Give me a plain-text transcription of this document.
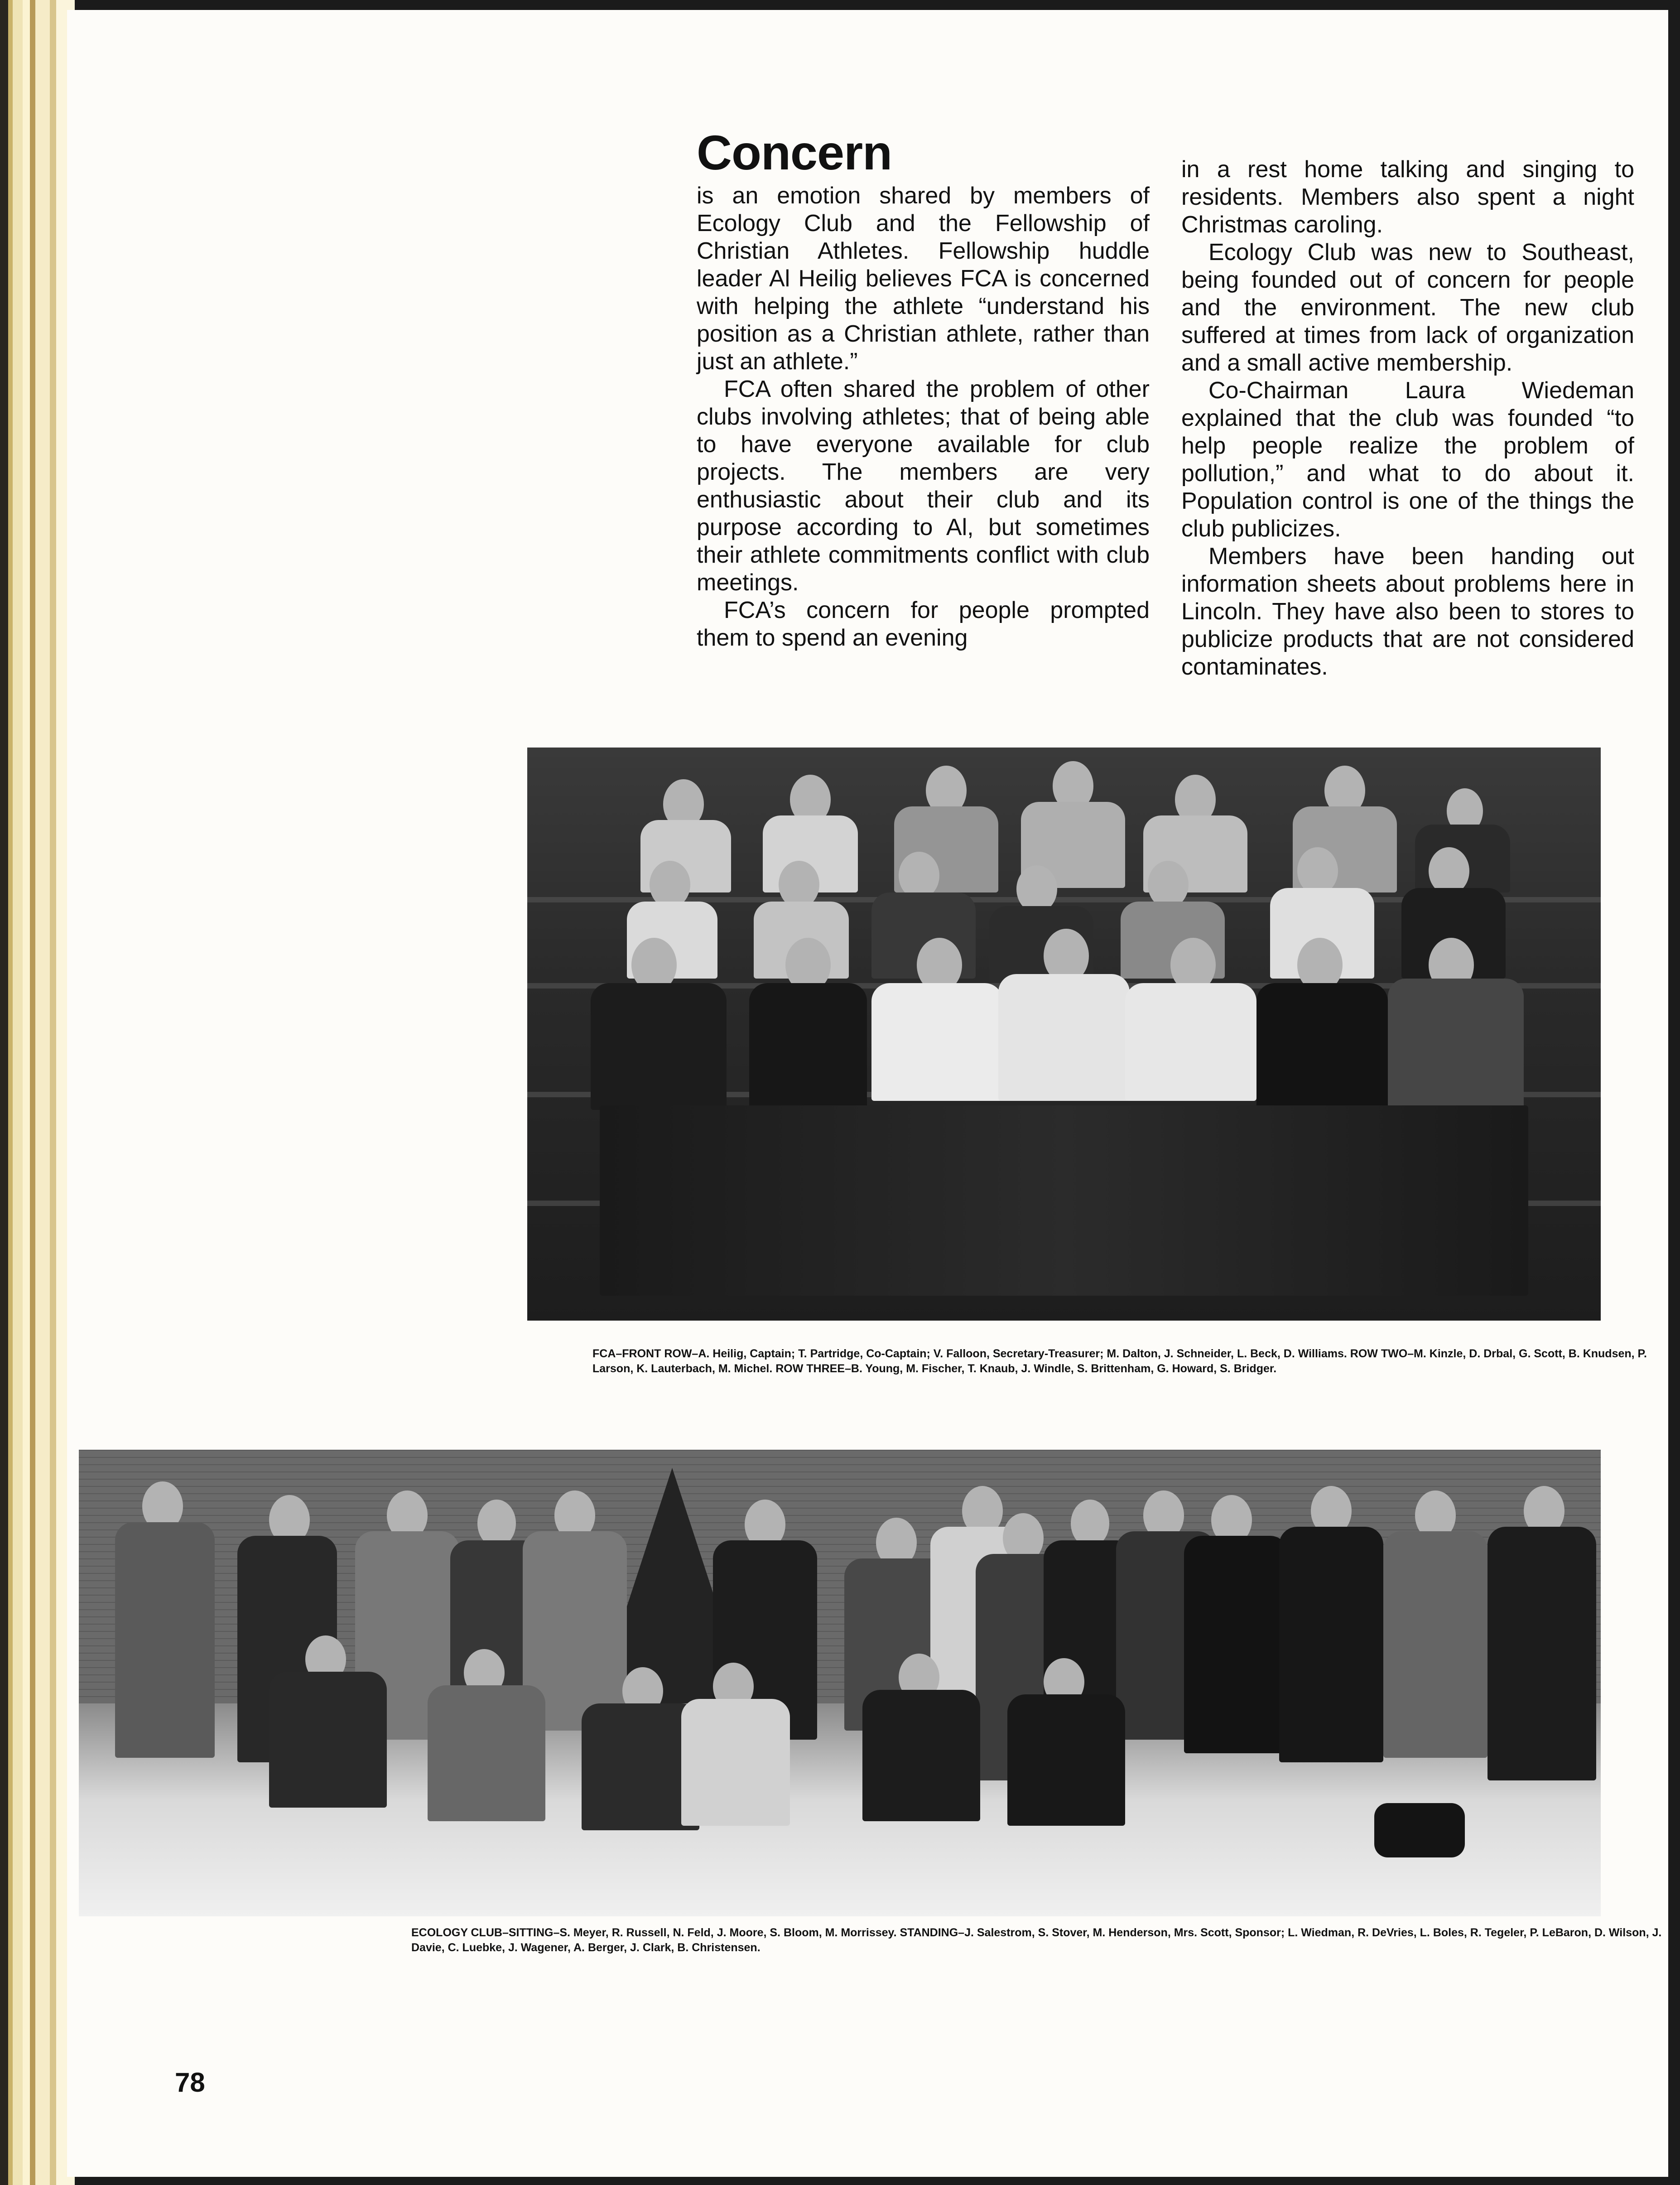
Concern

is an emotion shared by members of Ecology Club and the Fellowship of Christian Athletes. Fellowship huddle leader Al Heilig believes FCA is concerned with helping the athlete “understand his position as a Christian athlete, rather than just an athlete.”

FCA often shared the problem of other clubs involving athletes; that of being able to have everyone available for club projects. The members are very enthusiastic about their club and its purpose according to Al, but sometimes their athlete commitments conflict with club meetings.

FCA’s concern for people prompted them to spend an evening

in a rest home talking and singing to residents. Members also spent a night Christmas caroling.

Ecology Club was new to Southeast, being founded out of concern for people and the environment. The new club suffered at times from lack of organization and a small active membership.

Co-Chairman Laura Wiedeman explained that the club was founded “to help people realize the problem of pollution,” and what to do about it. Population control is one of the things the club publicizes.

Members have been handing out information sheets about problems here in Lincoln. They have also been to stores to publicize products that are not considered contaminates.

FCA–FRONT ROW–A. Heilig, Captain; T. Partridge, Co-Captain; V. Falloon, Secretary-Treasurer; M. Dalton, J. Schneider, L. Beck, D. Williams. ROW TWO–M. Kinzle, D. Drbal, G. Scott, B. Knudsen, P. Larson, K. Lauterbach, M. Michel. ROW THREE–B. Young, M. Fischer, T. Knaub, J. Windle, S. Brittenham, G. Howard, S. Bridger.

ECOLOGY CLUB–SITTING–S. Meyer, R. Russell, N. Feld, J. Moore, S. Bloom, M. Morrissey. STANDING–J. Salestrom, S. Stover, M. Henderson, Mrs. Scott, Sponsor; L. Wiedman, R. DeVries, L. Boles, R. Tegeler, P. LeBaron, D. Wilson, J. Davie, C. Luebke, J. Wagener, A. Berger, J. Clark, B. Christensen.

78
